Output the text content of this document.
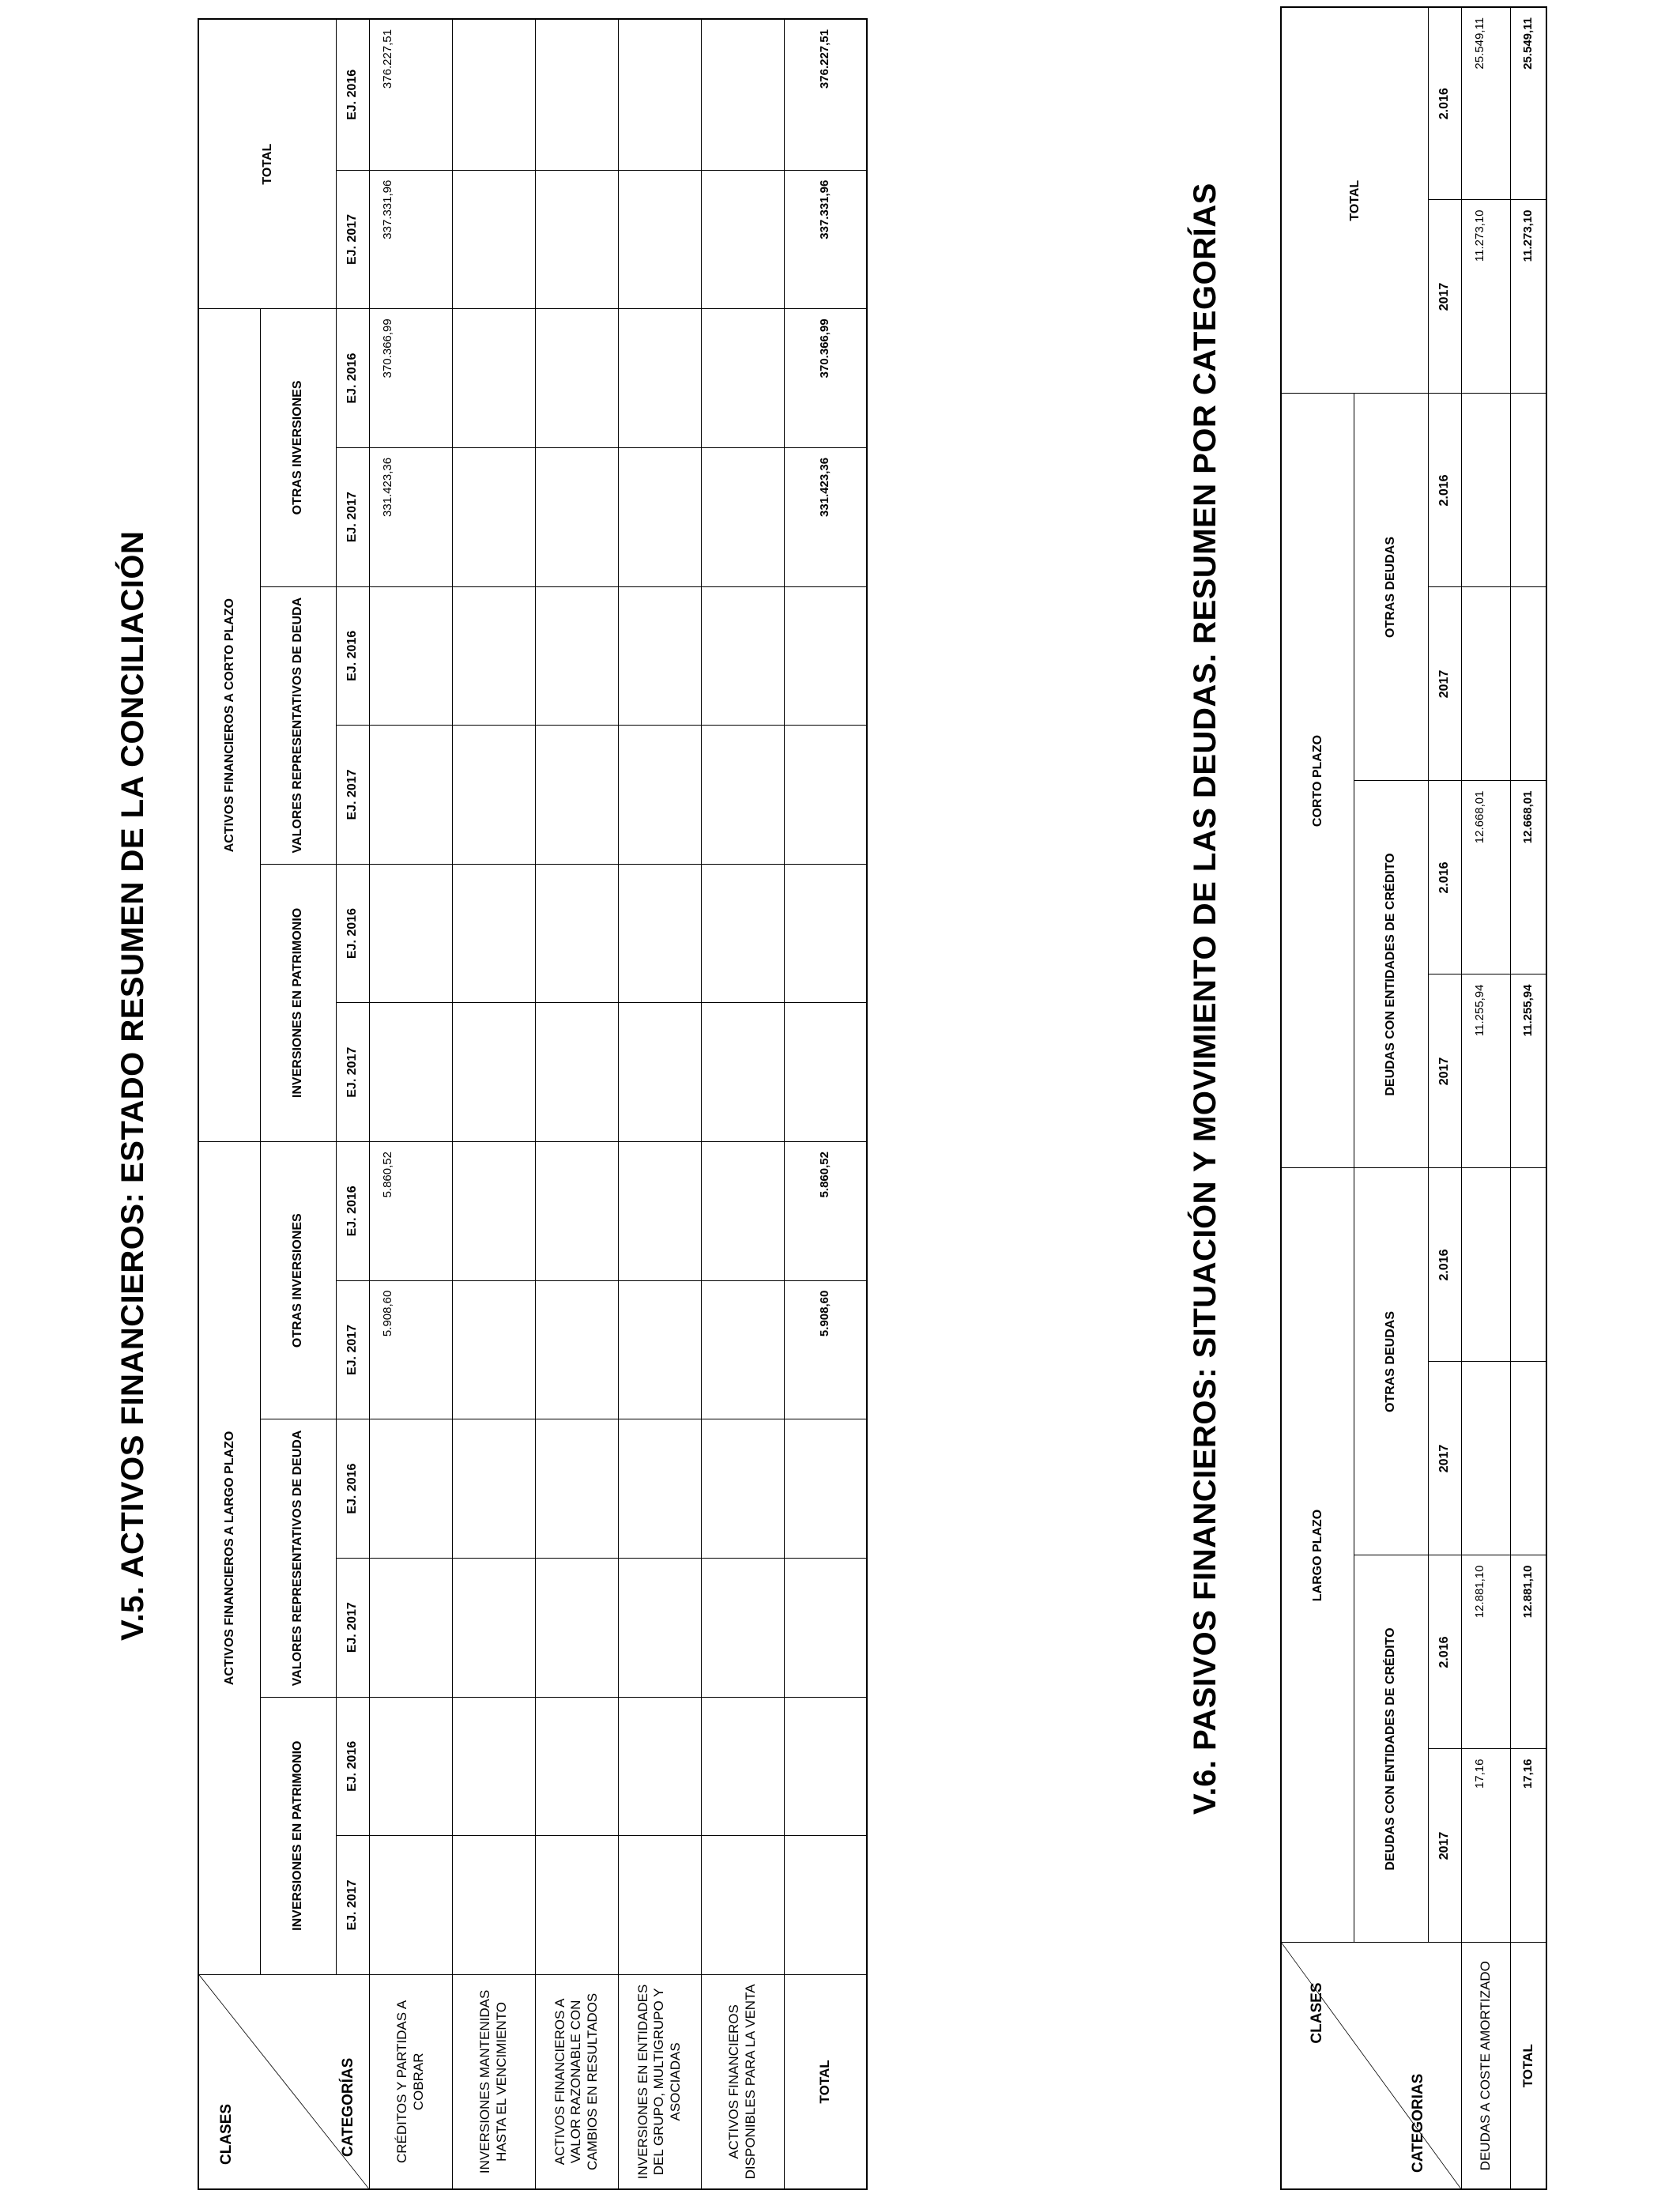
V.5. ACTIVOS FINANCIEROS: ESTADO RESUMEN DE LA CONCILIACIÓN
CLASES CATEGORÍAS	ACTIVOS FINANCIEROS A LARGO PLAZO						ACTIVOS FINANCIEROS A CORTO PLAZO						TOTAL	
	INVERSIONES EN PATRIMONIO		VALORES REPRESENTATIVOS DE DEUDA		OTRAS INVERSIONES		INVERSIONES EN PATRIMONIO		VALORES REPRESENTATIVOS DE DEUDA		OTRAS INVERSIONES			
	EJ. 2017	EJ. 2016	EJ. 2017	EJ. 2016	EJ. 2017	EJ. 2016	EJ. 2017	EJ. 2016	EJ. 2017	EJ. 2016	EJ. 2017	EJ. 2016	EJ. 2017	EJ. 2016
CRÉDITOS Y PARTIDAS A COBRAR					5.908,60	5.860,52					331.423,36	370.366,99	337.331,96	376.227,51
INVERSIONES MANTENIDAS HASTA EL VENCIMIENTO														
ACTIVOS FINANCIEROS A VALOR RAZONABLE CON CAMBIOS EN RESULTADOS														
INVERSIONES EN ENTIDADES DEL GRUPO, MULTIGRUPO Y ASOCIADAS														
ACTIVOS FINANCIEROS DISPONIBLES PARA LA VENTA														
TOTAL					5.908,60	5.860,52					331.423,36	370.366,99	337.331,96	376.227,51
V.6. PASIVOS FINANCIEROS: SITUACIÓN Y MOVIMIENTO DE LAS DEUDAS. RESUMEN POR CATEGORÍAS
CLASES
CATEGORIAS	LARGO PLAZO				CORTO PLAZO				TOTAL	
	DEUDAS CON ENTIDADES DE CRÉDITO		OTRAS DEUDAS		DEUDAS CON ENTIDADES DE CRÉDITO		OTRAS DEUDAS			
	2017	2.016	2017	2.016	2017	2.016	2017	2.016	2017	2.016
DEUDAS A COSTE AMORTIZADO	17,16	12.881,10			11.255,94	12.668,01			11.273,10	25.549,11
TOTAL	17,16	12.881,10			11.255,94	12.668,01			11.273,10	25.549,11
